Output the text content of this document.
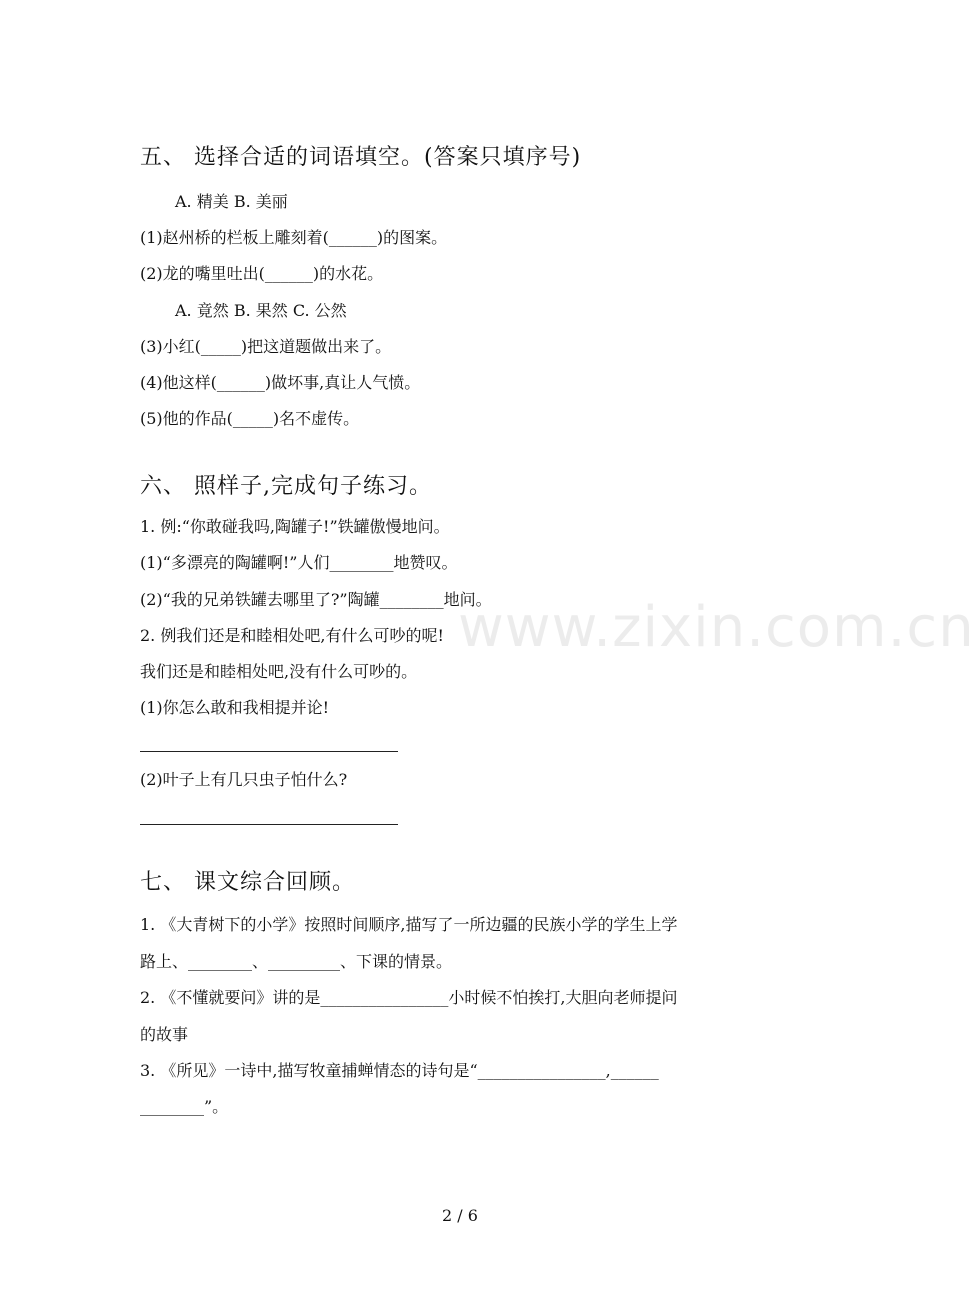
五、 选择合适的词语填空。(答案只填序号)
A. 精美 B. 美丽
(1)赵州桥的栏板上雕刻着(______)的图案。
(2)龙的嘴里吐出(______)的水花。
A. 竟然 B. 果然 C. 公然
(3)小红(_____)把这道题做出来了。
(4)他这样(______)做坏事,真让人气愤。
(5)他的作品(_____)名不虚传。
六、 照样子,完成句子练习。
1. 例:“你敢碰我吗,陶罐子!”铁罐傲慢地问。
(1)“多漂亮的陶罐啊!”人们________地赞叹。
(2)“我的兄弟铁罐去哪里了?”陶罐________地问。
2. 例我们还是和睦相处吧,有什么可吵的呢!
我们还是和睦相处吧,没有什么可吵的。
(1)你怎么敢和我相提并论!
(2)叶子上有几只虫子怕什么?
七、 课文综合回顾。
1. 《大青树下的小学》按照时间顺序,描写了一所边疆的民族小学的学生上学
路上、________、_________、下课的情景。
2. 《不懂就要问》讲的是________________小时候不怕挨打,大胆向老师提问
的故事
3. 《所见》一诗中,描写牧童捕蝉情态的诗句是“________________,______
________”。
www.zixin.com.cn
2 / 6
